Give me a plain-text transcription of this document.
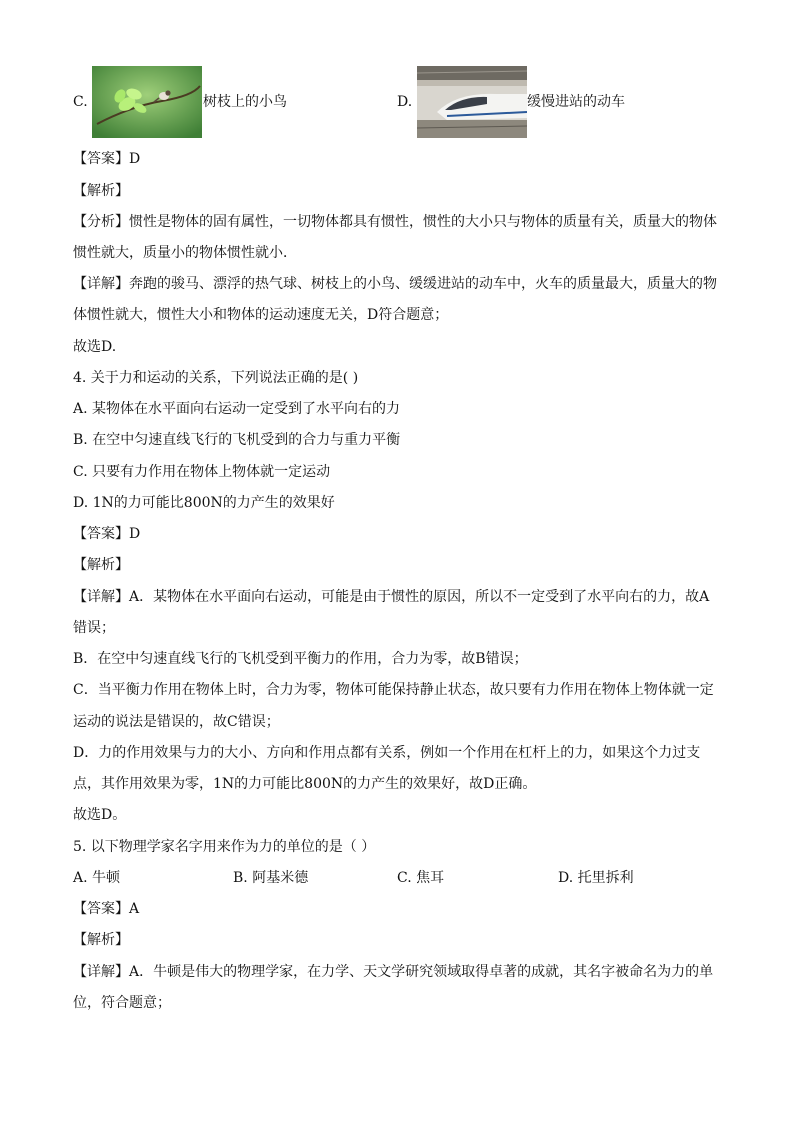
C.	树枝上的小鸟	D.	缓慢进站的动车
【答案】D
【解析】
【分析】惯性是物体的固有属性，一切物体都具有惯性，惯性的大小只与物体的质量有关，质量大的物体
惯性就大，质量小的物体惯性就小．
【详解】奔跑的骏马、漂浮的热气球、树枝上的小鸟、缓缓进站的动车中，火车的质量最大，质量大的物
体惯性就大，惯性大小和物体的运动速度无关，D符合题意；
故选D.
4. 关于力和运动的关系，下列说法正确的是( )
A. 某物体在水平面向右运动一定受到了水平向右的力
B. 在空中匀速直线飞行的飞机受到的合力与重力平衡
C. 只要有力作用在物体上物体就一定运动
D. 1N的力可能比800N的力产生的效果好
【答案】D
【解析】
【详解】A．某物体在水平面向右运动，可能是由于惯性的原因，所以不一定受到了水平向右的力，故A
错误；
B．在空中匀速直线飞行的飞机受到平衡力的作用，合力为零，故B错误；
C．当平衡力作用在物体上时，合力为零，物体可能保持静止状态，故只要有力作用在物体上物体就一定
运动的说法是错误的，故C错误；
D．力的作用效果与力的大小、方向和作用点都有关系，例如一个作用在杠杆上的力，如果这个力过支
点，其作用效果为零，1N的力可能比800N的力产生的效果好，故D正确。
故选D。
5. 以下物理学家名字用来作为力的单位的是（ ）
A. 牛顿	B. 阿基米德	C. 焦耳	D. 托里拆利
【答案】A
【解析】
【详解】A．牛顿是伟大的物理学家，在力学、天文学研究领域取得卓著的成就，其名字被命名为力的单
位，符合题意；
